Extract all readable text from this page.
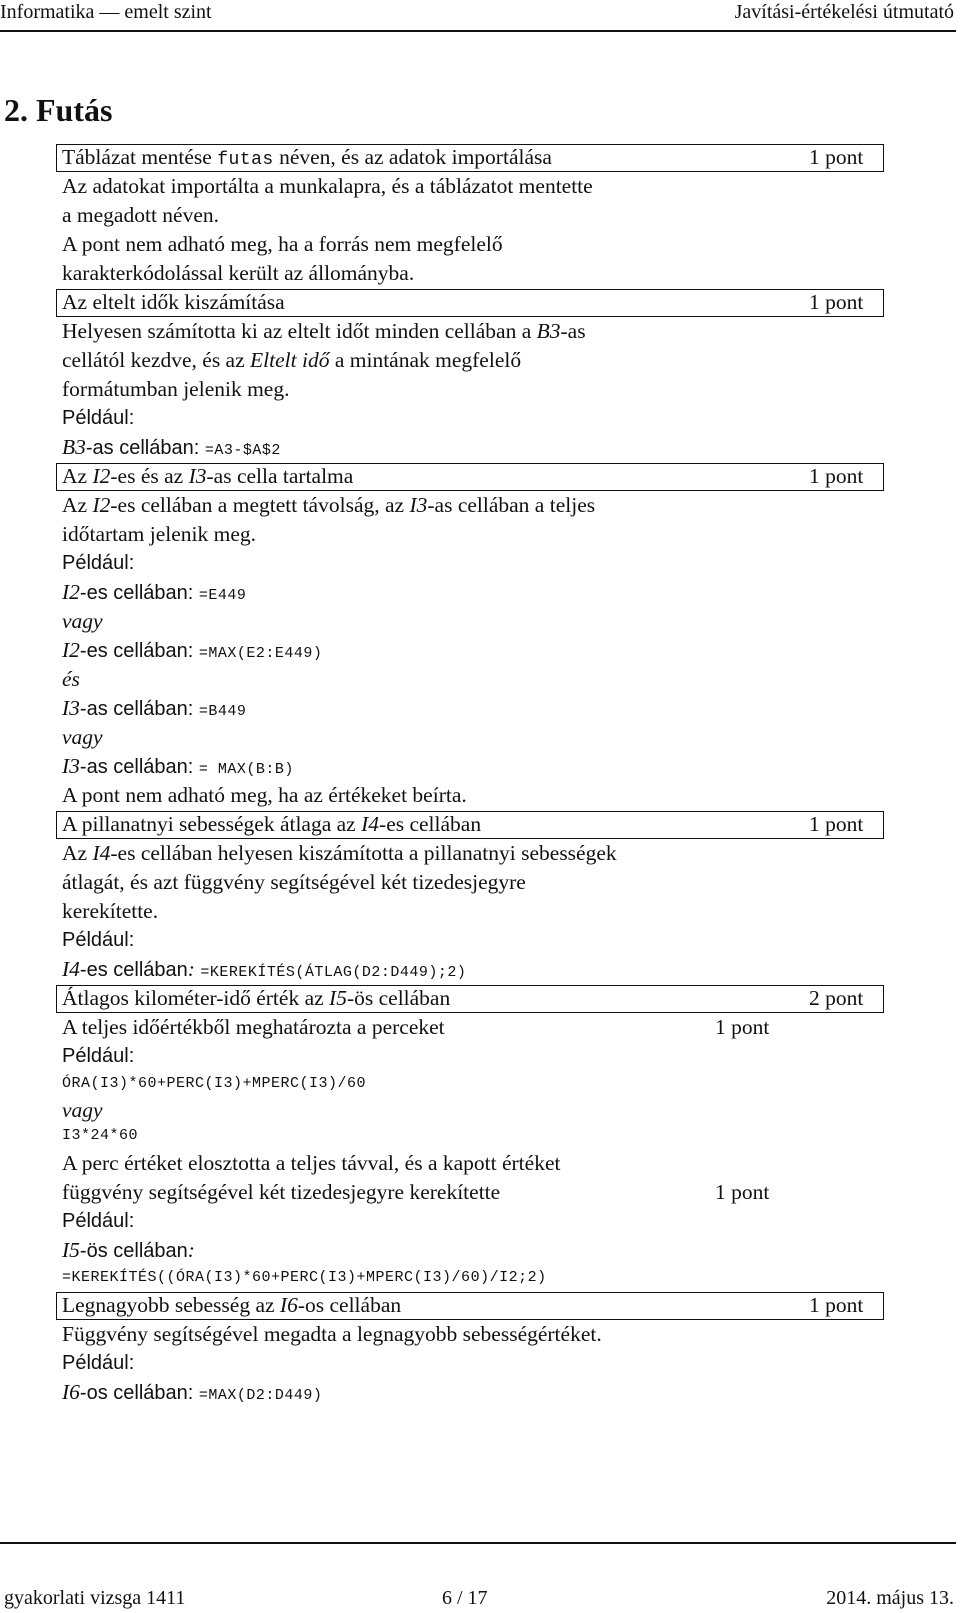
Informatika — emelt szint	Javítási-értékelési útmutató
2. Futás
Táblázat mentése futas néven, és az adatok importálása	1 pont
Az adatokat importálta a munkalapra, és a táblázatot mentette
a megadott néven.
A pont nem adható meg, ha a forrás nem megfelelő
karakterkódolással került az állományba.
Az eltelt idők kiszámítása	1 pont
Helyesen számította ki az eltelt időt minden cellában a B3-as
cellától kezdve, és az Eltelt idő a mintának megfelelő
formátumban jelenik meg.
Például:
B3-as cellában: =A3-$A$2
Az I2-es és az I3-as cella tartalma	1 pont
Az I2-es cellában a megtett távolság, az I3-as cellában a teljes
időtartam jelenik meg.
Például:
I2-es cellában: =E449
vagy
I2-es cellában: =MAX(E2:E449)
és
I3-as cellában: =B449
vagy
I3-as cellában: = MAX(B:B)
A pont nem adható meg, ha az értékeket beírta.
A pillanatnyi sebességek átlaga az I4-es cellában	1 pont
Az I4-es cellában helyesen kiszámította a pillanatnyi sebességek
átlagát, és azt függvény segítségével két tizedesjegyre
kerekítette.
Például:
I4-es cellában: =KEREKÍTÉS(ÁTLAG(D2:D449);2)
Átlagos kilométer-idő érték az I5-ös cellában	2 pont
A teljes időértékből meghatározta a perceket	1 pont
Például:
ÓRA(I3)*60+PERC(I3)+MPERC(I3)/60
vagy
I3*24*60
A perc értéket elosztotta a teljes távval, és a kapott értéket
függvény segítségével két tizedesjegyre kerekítette	1 pont
Például:
I5-ös cellában:
=KEREKÍTÉS((ÓRA(I3)*60+PERC(I3)+MPERC(I3)/60)/I2;2)
Legnagyobb sebesség az I6-os cellában	1 pont
Függvény segítségével megadta a legnagyobb sebességértéket.
Például:
I6-os cellában: =MAX(D2:D449)
gyakorlati vizsga 1411	6 / 17	2014. május 13.
